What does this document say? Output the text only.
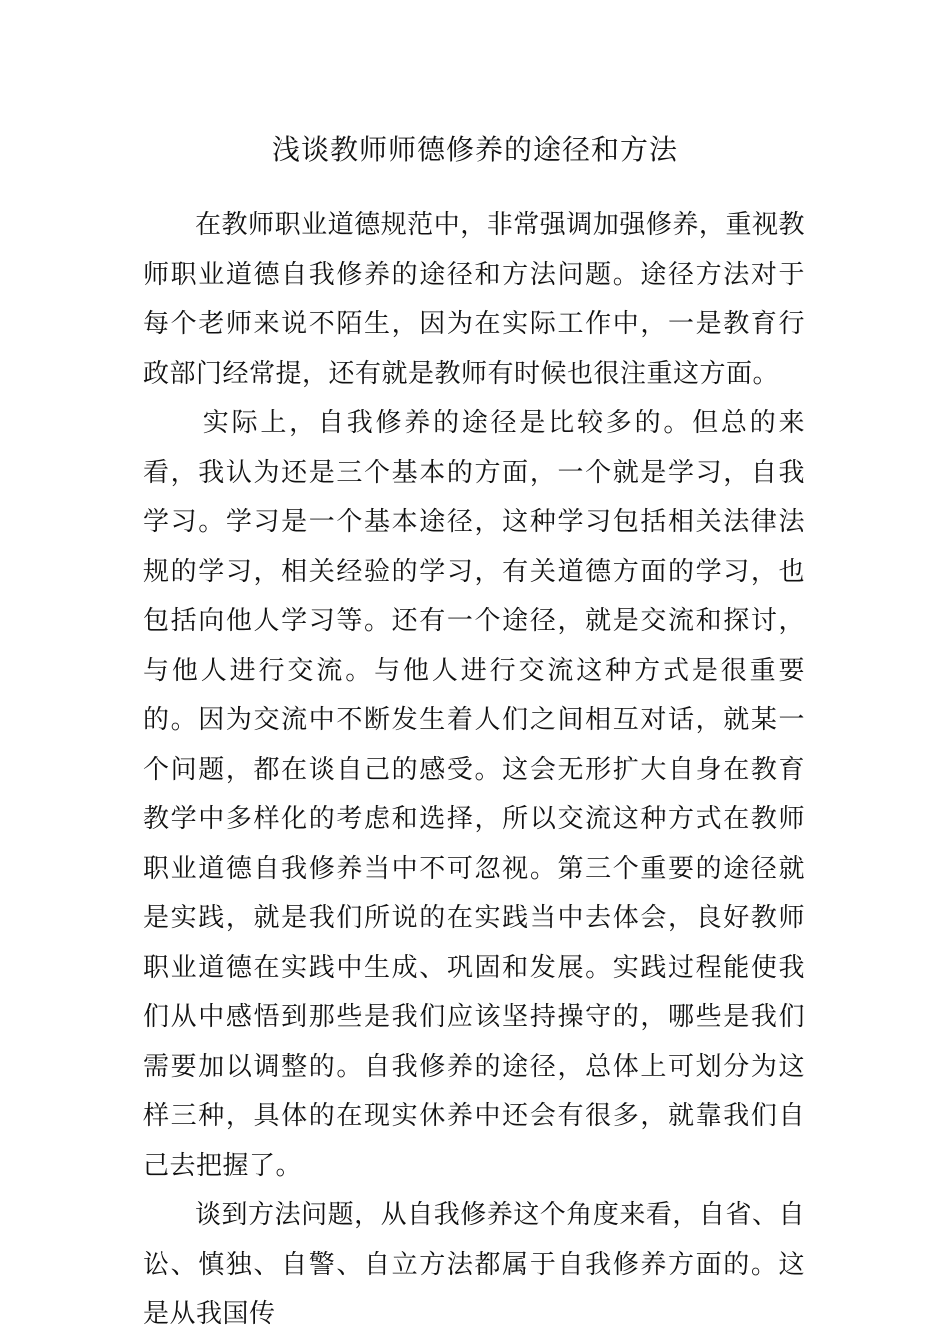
浅谈教师师德修养的途径和方法

在教师职业道德规范中，非常强调加强修养，重视教师职业道德自我修养的途径和方法问题。途径方法对于每个老师来说不陌生，因为在实际工作中，一是教育行政部门经常提，还有就是教师有时候也很注重这方面。

实际上，自我修养的途径是比较多的。但总的来看，我认为还是三个基本的方面，一个就是学习，自我学习。学习是一个基本途径，这种学习包括相关法律法规的学习，相关经验的学习，有关道德方面的学习，也包括向他人学习等。还有一个途径，就是交流和探讨，与他人进行交流。与他人进行交流这种方式是很重要的。因为交流中不断发生着人们之间相互对话，就某一个问题，都在谈自己的感受。这会无形扩大自身在教育教学中多样化的考虑和选择，所以交流这种方式在教师职业道德自我修养当中不可忽视。第三个重要的途径就是实践，就是我们所说的在实践当中去体会，良好教师职业道德在实践中生成、巩固和发展。实践过程能使我们从中感悟到那些是我们应该坚持操守的，哪些是我们需要加以调整的。自我修养的途径，总体上可划分为这样三种，具体的在现实休养中还会有很多，就靠我们自己去把握了。

谈到方法问题，从自我修养这个角度来看，自省、自讼、慎独、自警、自立方法都属于自我修养方面的。这是从我国传
